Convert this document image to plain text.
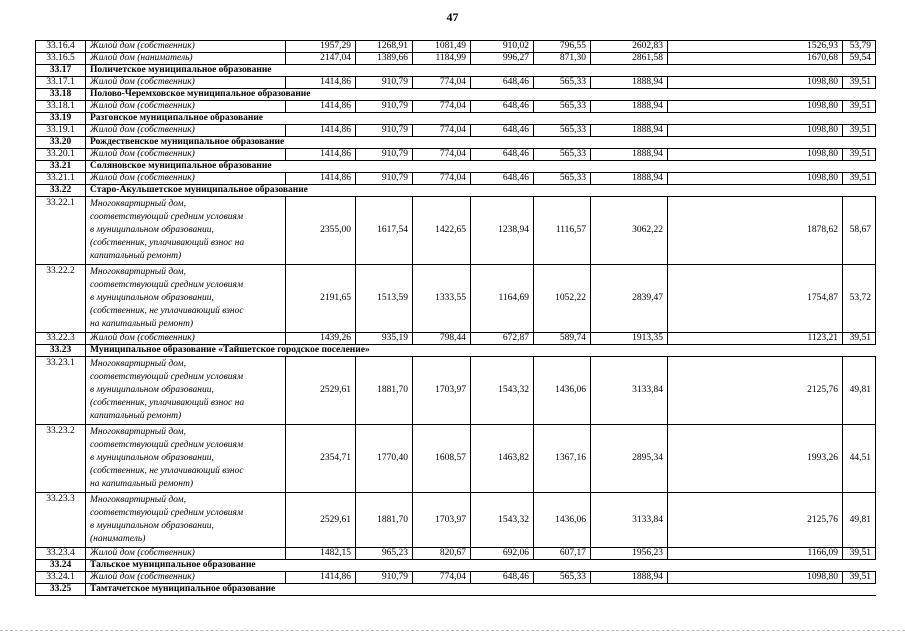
47
33.16.4	Жилой дом (собственник)	1957,29	1268,91	1081,49	910,02	796,55	2602,83	1526,93	53,79
33.16.5	Жилой дом (наниматель)	2147,04	1389,66	1184,99	996,27	871,30	2861,58	1670,68	59,54
33.17	Поличетское муниципальное образование								
33.17.1	Жилой дом (собственник)	1414,86	910,79	774,04	648,46	565,33	1888,94	1098,80	39,51
33.18	Полово-Черемховское муниципальное образование								
33.18.1	Жилой дом (собственник)	1414,86	910,79	774,04	648,46	565,33	1888,94	1098,80	39,51
33.19	Разгонское муниципальное образование								
33.19.1	Жилой дом (собственник)	1414,86	910,79	774,04	648,46	565,33	1888,94	1098,80	39,51
33.20	Рождественское муниципальное образование								
33.20.1	Жилой дом (собственник)	1414,86	910,79	774,04	648,46	565,33	1888,94	1098,80	39,51
33.21	Соляновское муниципальное образование								
33.21.1	Жилой дом (собственник)	1414,86	910,79	774,04	648,46	565,33	1888,94	1098,80	39,51
33.22	Старо-Акульшетское муниципальное образование								
33.22.1	Многоквартирный дом,
соответствующий средним условиям
в муниципальном образовании,
(собственник, уплачивающий взнос на
капитальный ремонт)	2355,00	1617,54	1422,65	1238,94	1116,57	3062,22	1878,62	58,67
33.22.2	Многоквартирный дом,
соответствующий средним условиям
в муниципальном образовании,
(собственник, не уплачивающий взнос
на капитальный ремонт)	2191,65	1513,59	1333,55	1164,69	1052,22	2839,47	1754,87	53,72
33.22.3	Жилой дом (собственник)	1439,26	935,19	798,44	672,87	589,74	1913,35	1123,21	39,51
33.23	Муниципальное образование «Тайшетское городское поселение»								
33.23.1	Многоквартирный дом,
соответствующий средним условиям
в муниципальном образовании,
(собственник, уплачивающий взнос на
капитальный ремонт)	2529,61	1881,70	1703,97	1543,32	1436,06	3133,84	2125,76	49,81
33.23.2	Многоквартирный дом,
соответствующий средним условиям
в муниципальном образовании,
(собственник, не уплачивающий взнос
на капитальный ремонт)	2354,71	1770,40	1608,57	1463,82	1367,16	2895,34	1993,26	44,51
33.23.3	Многоквартирный дом,
соответствующий средним условиям
в муниципальном образовании,
(наниматель)	2529,61	1881,70	1703,97	1543,32	1436,06	3133,84	2125,76	49,81
33.23.4	Жилой дом (собственник)	1482,15	965,23	820,67	692,06	607,17	1956,23	1166,09	39,51
33.24	Тальское муниципальное образование								
33.24.1	Жилой дом (собственник)	1414,86	910,79	774,04	648,46	565,33	1888,94	1098,80	39,51
33.25	Тамтачетское муниципальное образование								
